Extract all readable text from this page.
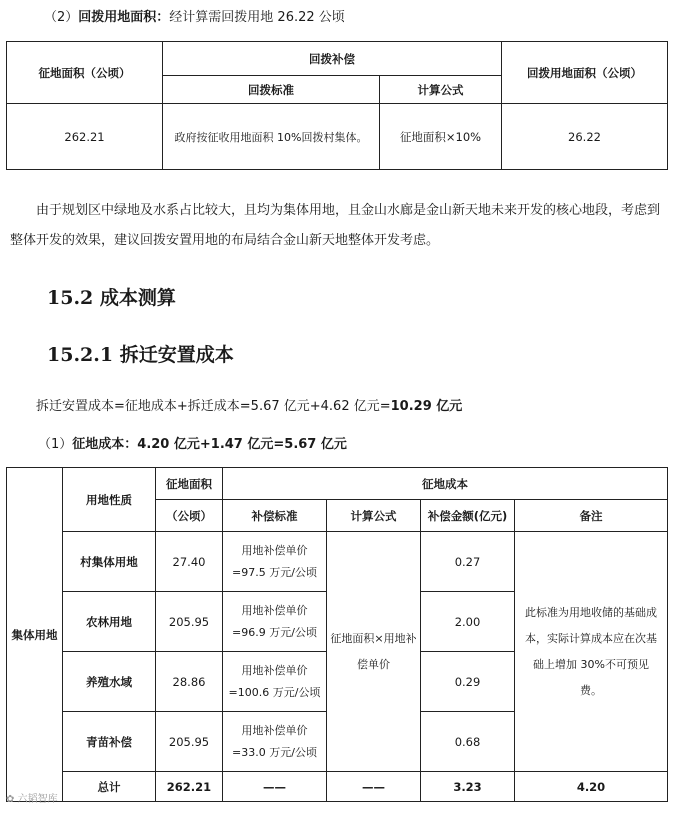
（2）回拨用地面积：经计算需回拨用地 26.22 公顷
征地面积（公顷）	回拨补偿		回拨用地面积（公顷）
	回拨标准	计算公式	
262.21	政府按征收用地面积 10%回拨村集体。	征地面积×10%	26.22
由于规划区中绿地及水系占比较大，且均为集体用地，且金山水廊是金山新天地未来开发的核心地段，考虑到整体开发的效果，建议回拨安置用地的布局结合金山新天地整体开发考虑。
15.2 成本测算
15.2.1 拆迁安置成本
拆迁安置成本=征地成本+拆迁成本=5.67 亿元+4.62 亿元=10.29 亿元
（1）征地成本：4.20 亿元+1.47 亿元=5.67 亿元
集体用地	用地性质	征地面积	征地成本			
		（公顷）	补偿标准	计算公式	补偿金额(亿元)	备注
	村集体用地	27.40	用地补偿单价
=97.5 万元/公顷	征地面积×用地补偿单价	0.27	此标准为用地收储的基础成本，实际计算成本应在次基础上增加 30%不可预见费。

	农林用地	205.95	用地补偿单价
=96.9 万元/公顷		2.00	

	养殖水域	28.86	用地补偿单价
=100.6 万元/公顷		0.29	

	青苗补偿	205.95	用地补偿单价
=33.0 万元/公顷		0.68	

	总计	262.21	——	——	3.23	4.20
✿ 六韬智库
